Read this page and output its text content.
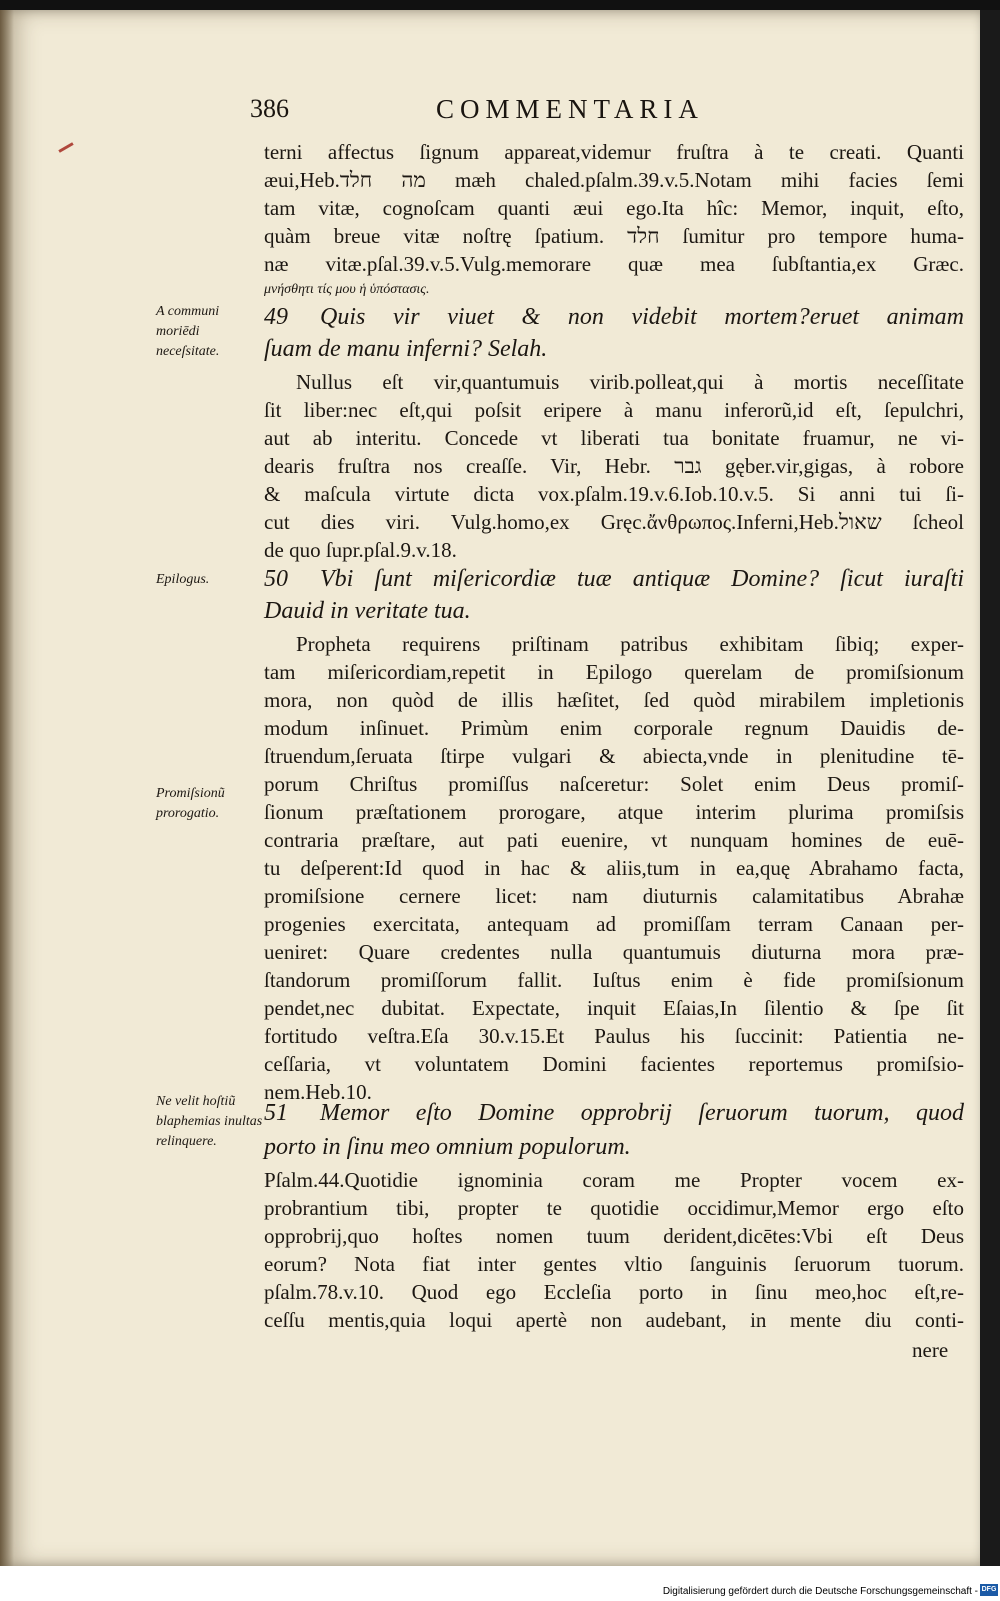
386	COMMENTARIA
A communi moriēdi neceſsitate.
Epilogus.
Promiſsionũ prorogatio.
Ne velit hoſtiũ blaphemias inultas relinquere.
terni affectus ſignum appareat,videmur fruſtra à te creati. Quanti
æui,Heb.מה חלד mæh chaled.pſalm.39.v.5.Notam mihi facies ſemi
tam vitæ, cognoſcam quanti æui ego.Ita hîc: Memor, inquit, eſto,
quàm breue vitæ noſtrę ſpatium. חלד ſumitur pro tempore huma-
næ vitæ.pſal.39.v.5.Vulg.memorare quæ mea ſubſtantia,ex Græc.
μνήσθητι τίς μου ἡ ὑπόστασις.
49 Quis vir viuet & non videbit mortem?eruet animam
ſuam de manu inferni? Selah.
Nullus eſt vir,quantumuis virib.polleat,qui à mortis neceſſitate
ſit liber:nec eſt,qui poſsit eripere à manu inferorũ,id eſt, ſepulchri,
aut ab interitu. Concede vt liberati tua bonitate fruamur, ne vi-
dearis fruſtra nos creaſſe. Vir, Hebr. גבר gęber.vir,gigas, à robore
& maſcula virtute dicta vox.pſalm.19.v.6.Iob.10.v.5. Si anni tui ſi-
cut dies viri. Vulg.homo,ex Gręc.ἄνθρωπος.Inferni,Heb.שאול ſcheol
de quo ſupr.pſal.9.v.18.
50 Vbi ſunt miſericordiæ tuæ antiquæ Domine? ſicut iuraſti
Dauid in veritate tua.
Propheta requirens priſtinam patribus exhibitam ſibiq; exper-
tam miſericordiam,repetit in Epilogo querelam de promiſsionum
mora, non quòd de illis hæſitet, ſed quòd mirabilem impletionis
modum inſinuet. Primùm enim corporale regnum Dauidis de-
ſtruendum,ſeruata ſtirpe vulgari & abiecta,vnde in plenitudine tē-
porum Chriſtus promiſſus naſceretur: Solet enim Deus promiſ-
ſionum præſtationem prorogare, atque interim plurima promiſsis
contraria præſtare, aut pati euenire, vt nunquam homines de euē-
tu deſperent:Id quod in hac & aliis,tum in ea,quę Abrahamo facta,
promiſsione cernere licet: nam diuturnis calamitatibus Abrahæ
progenies exercitata, antequam ad promiſſam terram Canaan per-
ueniret: Quare credentes nulla quantumuis diuturna mora præ-
ſtandorum promiſſorum fallit. Iuſtus enim è fide promiſsionum
pendet,nec dubitat. Expectate, inquit Eſaias,In ſilentio & ſpe ſit
fortitudo veſtra.Eſa 30.v.15.Et Paulus his ſuccinit: Patientia ne-
ceſſaria, vt voluntatem Domini facientes reportemus promiſsio-
nem.Heb.10.
51 Memor eſto Domine opprobrij ſeruorum tuorum, quod
porto in ſinu meo omnium populorum.
Pſalm.44.Quotidie ignominia coram me Propter vocem ex-
probrantium tibi, propter te quotidie occidimur,Memor ergo eſto
opprobrij,quo hoſtes nomen tuum derident,dicētes:Vbi eſt Deus
eorum? Nota fiat inter gentes vltio ſanguinis ſeruorum tuorum.
pſalm.78.v.10. Quod ego Eccleſia porto in ſinu meo,hoc eſt,re-
ceſſu mentis,quia loqui apertè non audebant, in mente diu conti-
nere
Digitalisierung gefördert durch die Deutsche Forschungsgemeinschaft - DFG
